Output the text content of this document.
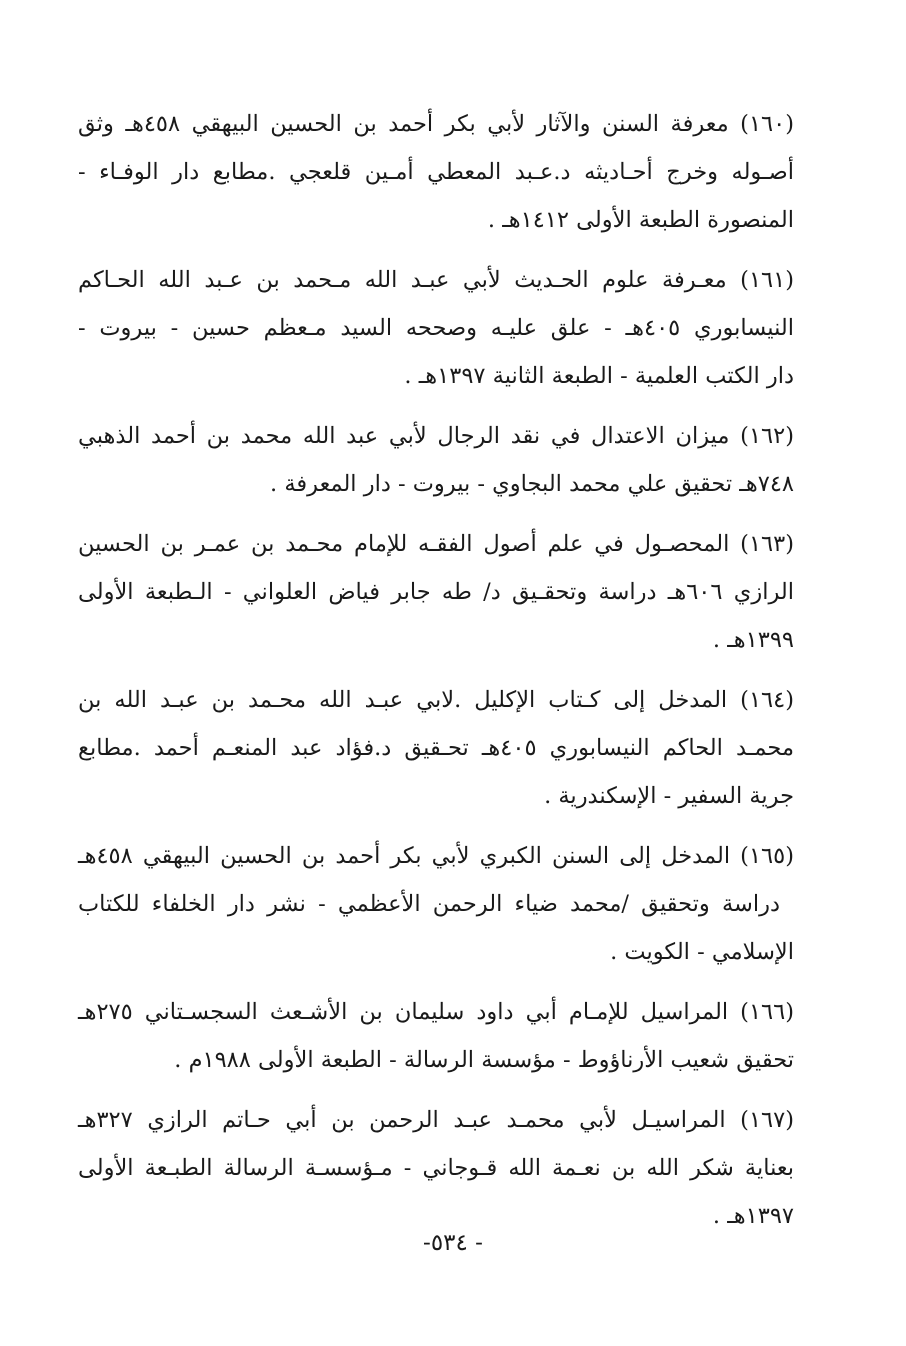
(١٦٠) معرفة السنن والآثار لأبي بكر أحمد بن الحسين البيهقي ٤٥٨هـ وثق
أصـوله وخرج أحـاديثه د.عـبد المعطي أمـين قلعجي .مطابع دار الوفـاء -
المنصورة الطبعة الأولى ١٤١٢هـ .
(١٦١) معـرفة علوم الحـديث لأبي عبـد الله مـحمد بن عـبد الله الحـاكم
النيسابوري ٤٠٥هـ - علق عليـه وصححه السيد مـعظم حسين - بيروت -
دار الكتب العلمية - الطبعة الثانية ١٣٩٧هـ .
(١٦٢) ميزان الاعتدال في نقد الرجال لأبي عبد الله محمد بن أحمد الذهبي
٧٤٨هـ تحقيق علي محمد البجاوي - بيروت - دار المعرفة .
(١٦٣) المحصـول في علم أصول الفقـه للإمام محـمد بن عمـر بن الحسين
الرازي ٦٠٦هـ دراسة وتحقـيق د/ طه جابر فياض العلواني - الـطبعة الأولى
١٣٩٩هـ .
(١٦٤) المدخل إلى كـتاب الإكليل .لابي عبـد الله محـمد بن عبـد الله بن
محمـد الحاكم النيسابوري ٤٠٥هـ تحـقيق د.فؤاد عبد المنعـم أحمد .مطابع
جرية السفير - الإسكندرية .
(١٦٥) المدخل إلى السنن الكبري لأبي بكر أحمد بن الحسين البيهقي ٤٥٨هـ
دراسة وتحقيق /محمد ضياء الرحمن الأعظمي - نشر دار الخلفاء للكتاب
الإسلامي - الكويت .
(١٦٦) المراسيل للإمـام أبي داود سليمان بن الأشـعث السجسـتاني ٢٧٥هـ
تحقيق شعيب الأرناؤوط - مؤسسة الرسالة - الطبعة الأولى ١٩٨٨م .
(١٦٧) المراسيـل لأبي محمـد عبـد الرحمن بن أبي حـاتم الرازي ٣٢٧هـ
بعناية شكر الله بن نعـمة الله قـوجاني - مـؤسسـة الرسالة الطبـعة الأولى
١٣٩٧هـ .
- ٥٣٤-
